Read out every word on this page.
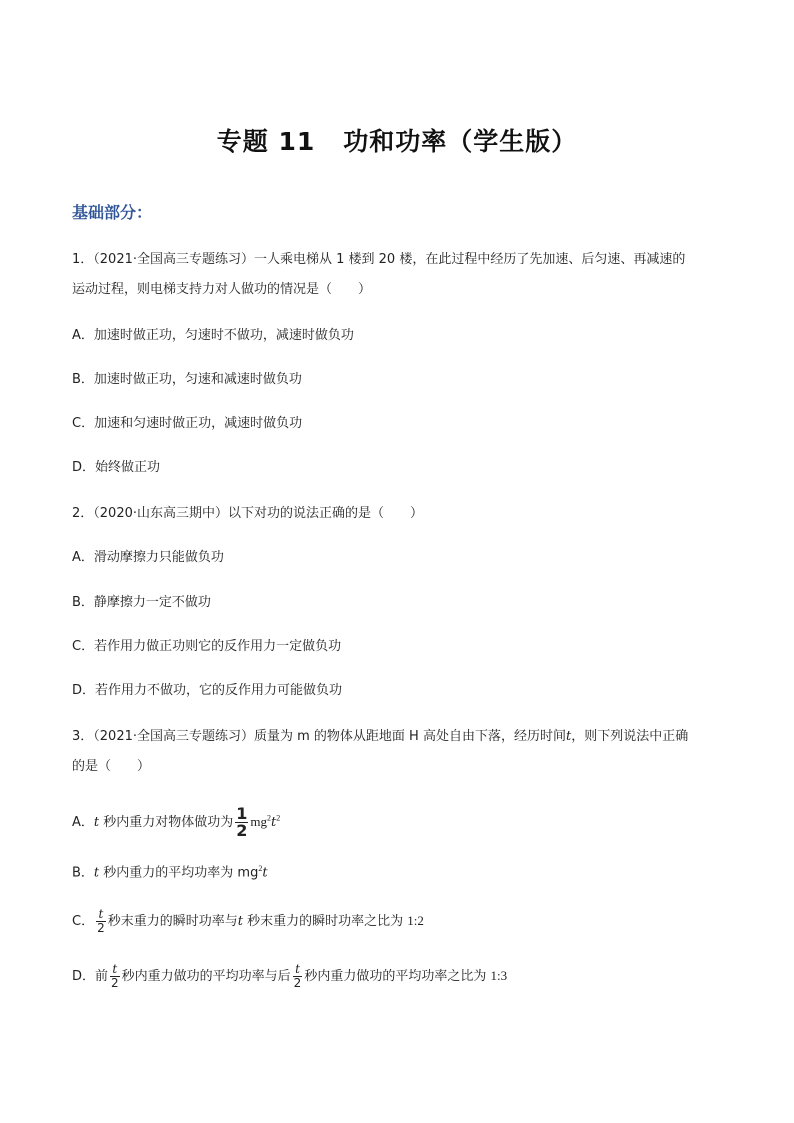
专题 11 功和功率（学生版）
基础部分：
1．（2021·全国高三专题练习）一人乘电梯从 1 楼到 20 楼，在此过程中经历了先加速、后匀速、再减速的
运动过程，则电梯支持力对人做功的情况是（　　）
A．加速时做正功，匀速时不做功，减速时做负功
B．加速时做正功，匀速和减速时做负功
C．加速和匀速时做正功，减速时做负功
D．始终做正功
2．（2020·山东高三期中）以下对功的说法正确的是（　　）
A．滑动摩擦力只能做负功
B．静摩擦力一定不做功
C．若作用力做正功则它的反作用力一定做负功
D．若作用力不做功，它的反作用力可能做负功
3．（2021·全国高三专题练习）质量为 m 的物体从距地面 H 高处自由下落，经历时间t，则下列说法中正确
的是（　　）
A．t 秒内重力对物体做功为 $\frac{1}{2} mg^2t^2$
B．t 秒内重力的平均功率为 $mg^2t$
C． $\frac{t}{2}$ 秒末重力的瞬时功率与t 秒末重力的瞬时功率之比为 1:2
D．前 $\frac{t}{2}$ 秒内重力做功的平均功率与后 $\frac{t}{2}$ 秒内重力做功的平均功率之比为 1:3
